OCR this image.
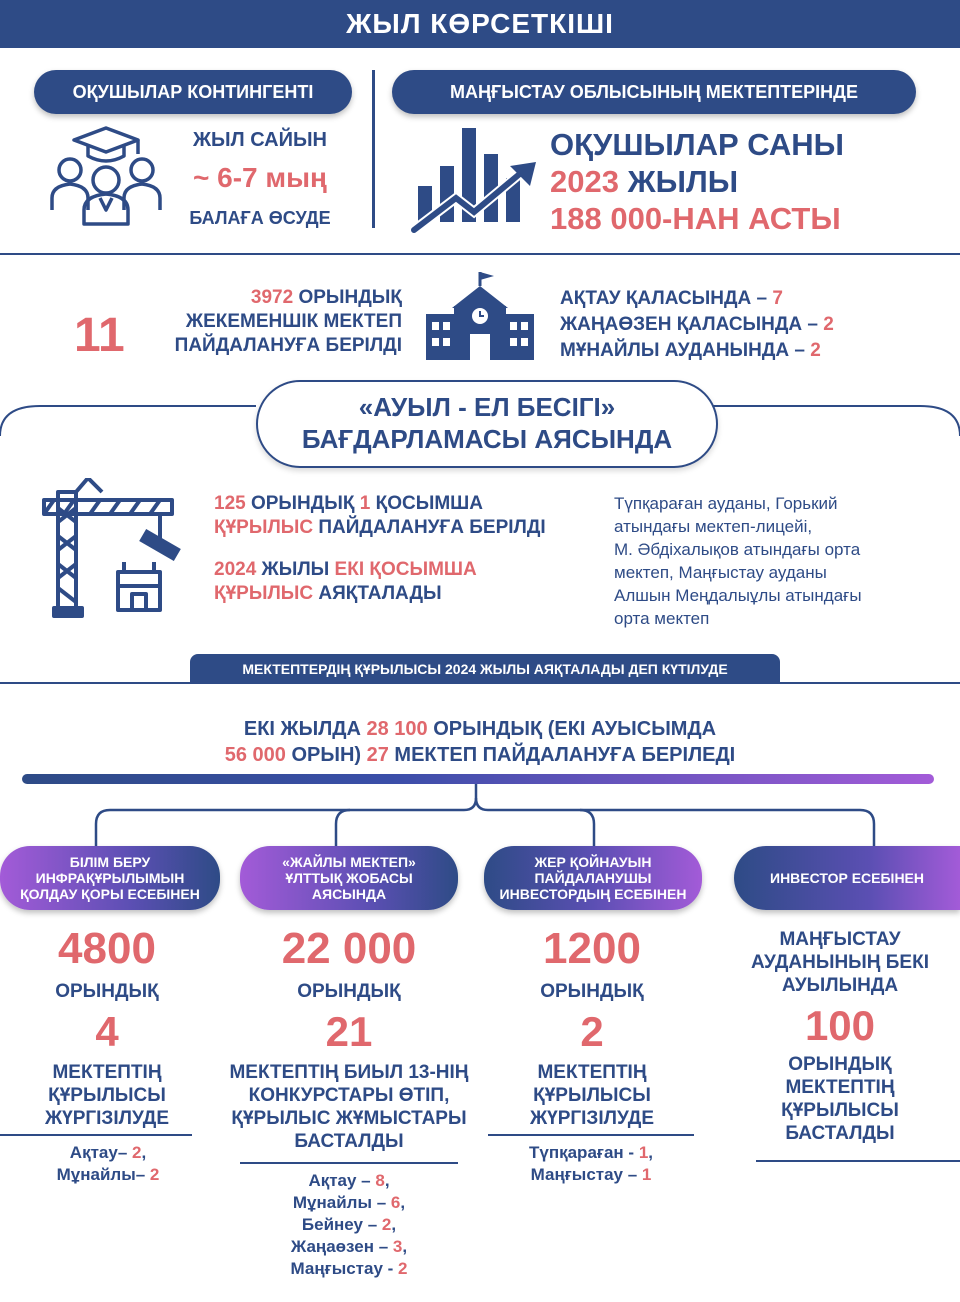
ЖЫЛ КӨРСЕТКІШІ
ОҚУШЫЛАР КОНТИНГЕНТІ
ЖЫЛ САЙЫН
~ 6-7 мың
БАЛАҒА ӨСУДЕ
МАҢҒЫСТАУ ОБЛЫСЫНЫҢ МЕКТЕПТЕРІНДЕ
ОҚУШЫЛАР САНЫ
2023 ЖЫЛЫ
188 000-НАН АСТЫ
11
3972 ОРЫНДЫҚ
ЖЕКЕМЕНШІК МЕКТЕП
ПАЙДАЛАНУҒА БЕРІЛДІ
АҚТАУ ҚАЛАСЫНДА – 7
ЖАҢАӨЗЕН ҚАЛАСЫНДА – 2
МҰНАЙЛЫ АУДАНЫНДА – 2
«АУЫЛ - ЕЛ БЕСІГІ»
БАҒДАРЛАМАСЫ АЯСЫНДА
125 ОРЫНДЫҚ 1 ҚОСЫМША
ҚҰРЫЛЫС ПАЙДАЛАНУҒА БЕРІЛДІ
2024 ЖЫЛЫ ЕКІ ҚОСЫМША
ҚҰРЫЛЫС АЯҚТАЛАДЫ
Түпқараған ауданы, Горький
атындағы мектеп-лицейі,
М. Әбдіхалықов атындағы орта
мектеп, Маңғыстау ауданы
Алшын Меңдалыұлы атындағы
орта мектеп
МЕКТЕПТЕРДІҢ ҚҰРЫЛЫСЫ 2024 ЖЫЛЫ АЯҚТАЛАДЫ ДЕП КҮТІЛУДЕ
ЕКІ ЖЫЛДА 28 100 ОРЫНДЫҚ (ЕКІ АУЫСЫМДА
56 000 ОРЫН) 27 МЕКТЕП ПАЙДАЛАНУҒА БЕРІЛЕДІ
БІЛІМ БЕРУ
ИНФРАҚҰРЫЛЫМЫН
ҚОЛДАУ ҚОРЫ ЕСЕБІНЕН
«ЖАЙЛЫ МЕКТЕП»
ҰЛТТЫҚ ЖОБАСЫ
АЯСЫНДА
ЖЕР ҚОЙНАУЫН
ПАЙДАЛАНУШЫ
ИНВЕСТОРДЫҢ ЕСЕБІНЕН
ИНВЕСТОР ЕСЕБІНЕН
4800
ОРЫНДЫҚ
4
МЕКТЕПТІҢ
ҚҰРЫЛЫСЫ
ЖҮРГІЗІЛУДЕ
Ақтау– 2,
Мұнайлы– 2
22 000
ОРЫНДЫҚ
21
МЕКТЕПТІҢ БИЫЛ 13-НІҢ
КОНКУРСТАРЫ ӨТІП,
ҚҰРЫЛЫС ЖҰМЫСТАРЫ
БАСТАЛДЫ
Ақтау – 8,
Мұнайлы – 6,
Бейнеу – 2,
Жаңаөзен – 3,
Маңғыстау - 2
1200
ОРЫНДЫҚ
2
МЕКТЕПТІҢ
ҚҰРЫЛЫСЫ
ЖҮРГІЗІЛУДЕ
Түпқараған - 1,
Маңғыстау – 1
МАҢҒЫСТАУ
АУДАНЫНЫҢ БЕКІ
АУЫЛЫНДА
100
ОРЫНДЫҚ
МЕКТЕПТІҢ
ҚҰРЫЛЫСЫ
БАСТАЛДЫ
